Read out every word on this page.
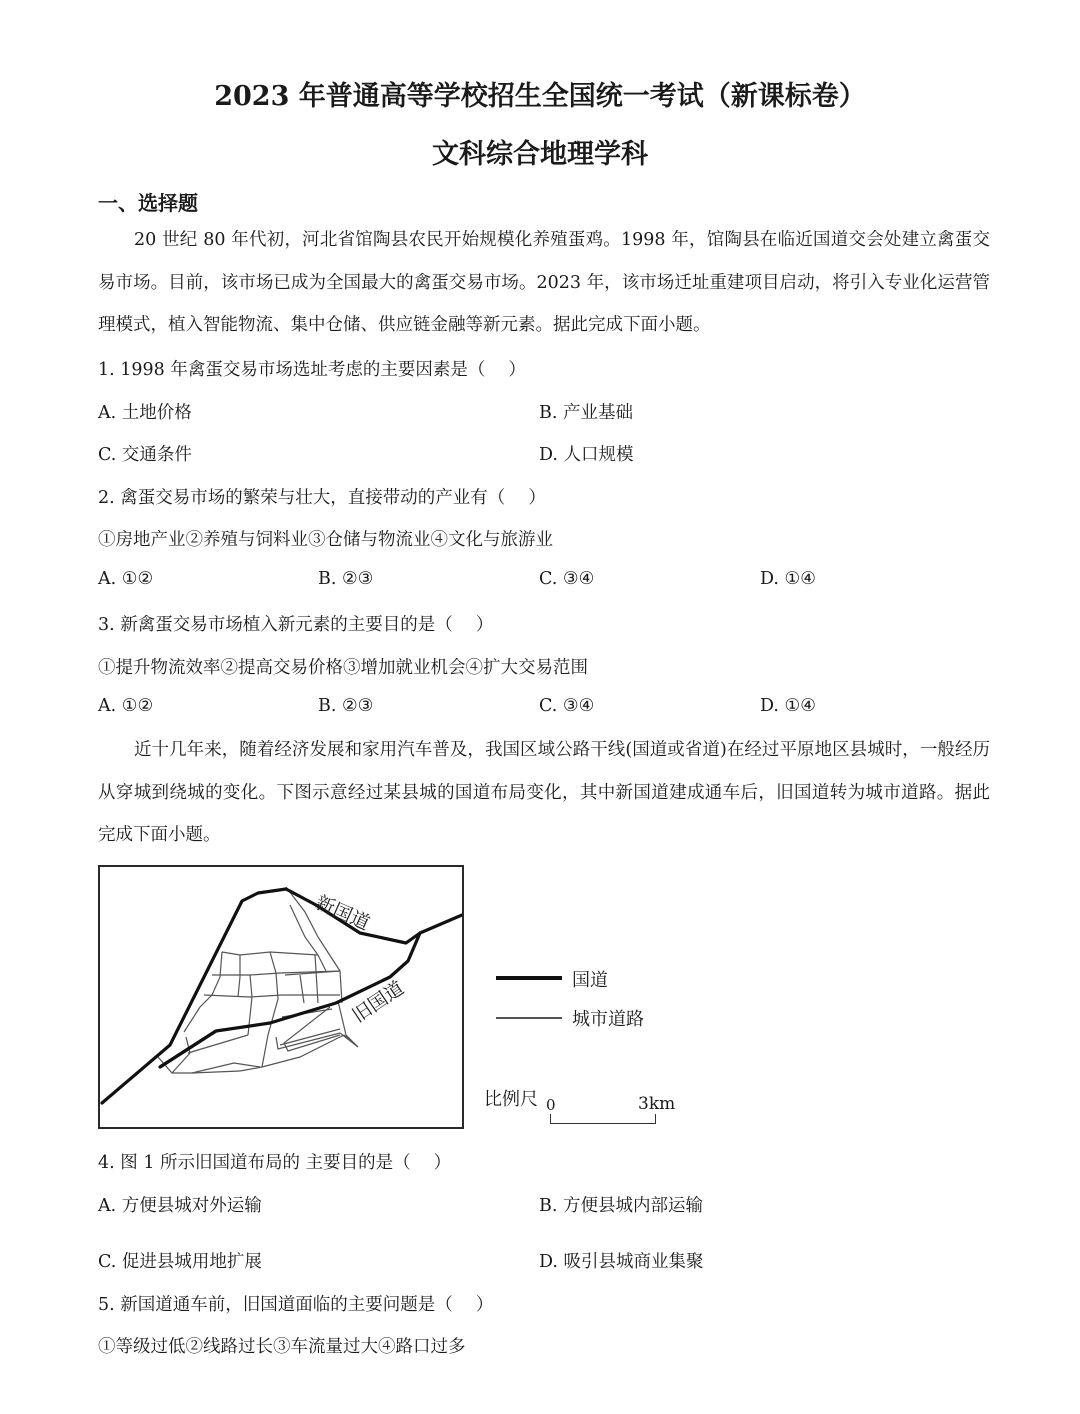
2023 年普通高等学校招生全国统一考试（新课标卷）
文科综合地理学科
一、选择题
20 世纪 80 年代初，河北省馆陶县农民开始规模化养殖蛋鸡。1998 年，馆陶县在临近国道交会处建立禽蛋交易市场。目前，该市场已成为全国最大的禽蛋交易市场。2023 年，该市场迁址重建项目启动，将引入专业化运营管理模式，植入智能物流、集中仓储、供应链金融等新元素。据此完成下面小题。
1. 1998 年禽蛋交易市场选址考虑的主要因素是（　 ）
A. 土地价格	B. 产业基础
C. 交通条件	D. 人口规模
2. 禽蛋交易市场的繁荣与壮大，直接带动的产业有（　 ）
①房地产业②养殖与饲料业③仓储与物流业④文化与旅游业
A. ①②	B. ②③	C. ③④	D. ①④
3. 新禽蛋交易市场植入新元素的主要目的是（　 ）
①提升物流效率②提高交易价格③增加就业机会④扩大交易范围
A. ①②	B. ②③	C. ③④	D. ①④
近十几年来，随着经济发展和家用汽车普及，我国区域公路干线(国道或省道)在经过平原地区县城时，一般经历从穿城到绕城的变化。下图示意经过某县城的国道布局变化，其中新国道建成通车后，旧国道转为城市道路。据此完成下面小题。
新国道
旧国道	国道
城市道路
比例尺 0	3km
4. 图 1 所示旧国道布局的 主要目的是（　 ）
A. 方便县城对外运输	B. 方便县城内部运输
C. 促进县城用地扩展	D. 吸引县城商业集聚
5. 新国道通车前，旧国道面临的主要问题是（　 ）
①等级过低②线路过长③车流量过大④路口过多
